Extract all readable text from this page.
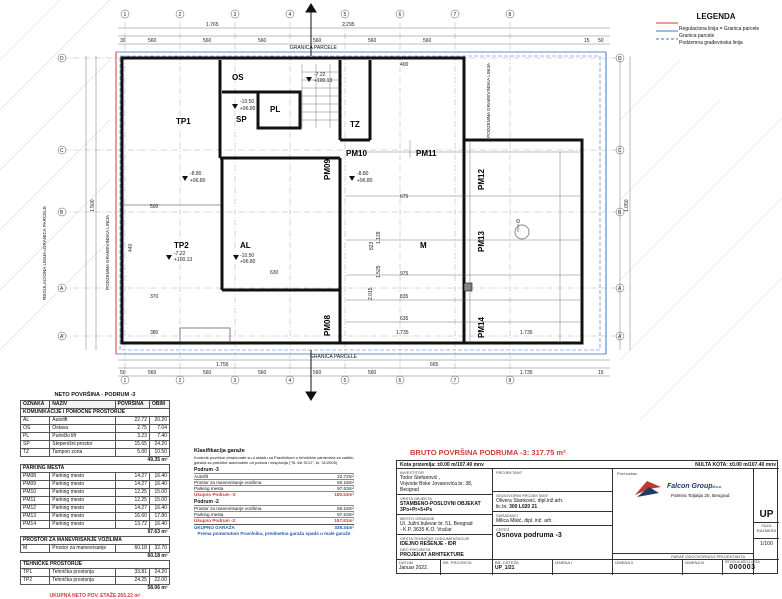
1
1
2
2
3
3
4
4
5
5
6
6
7
7
8
8
D	D
C	C
B	B
A	A
A'	A'
GRANICA PARCELE
GRANICA PARCELE
PODZEMNA GRAĐEVINSKA LINIJA
REGULACIONA LINIJA=GRANICA PARCELE
PODZEMNA GRAĐEVINSKA LINIJA
OS
PL
SP
TZ
TP1
TP2	AL	M
PM08
PM09
PM10	PM11
PM12
PM13
PM14
-8.80
+96.80
-7.22
+100.13
-10.50
+96.80
-8.80
+96.80
-7.22
+100.13
-10.50
+96.80
1.765	2.295
560	560	560	560	560	560
30	15 50
1.756	665
560	560	560	560	560	1.735
50	15
675
835
635
1.735	1.735
975
400
630
380
370
500
440	823
1.128
1.500	1.050
1.525
2.015
LEGENDA
Regulaciona linija = Granica parcele
Granica parcele
Podzemna građevinska linija
NETO POVRŠINA - PODRUM -3
OZNAKA	NAZIV	POVRŠINA	OBIM
KOMUNIKACIJE I POMOĆNE PROSTORIJE			
AL	Autolift	22.72	20.20
OS	Ostava	2.75	7.04
PL	Putnički lift	3.23	7.40
SP	Stepenišni prostor	15.65	24.20
TZ	Tampon zona	5.00	10.50
		49.35 m²	
PARKING MESTA			
PM08	Parking mesto	14.27	16.40
PM09	Parking mesto	14.27	16.40
PM10	Parking mesto	12.25	15.00
PM11	Parking mesto	12.25	15.00
PM12	Parking mesto	14.27	16.40
PM13	Parking mesto	16.60	17.80
PM14	Parking mesto	13.72	16.40
		97.63 m²	
PROSTOR ZA MANEVRISANJE VOZILIMA			
M	Prostor za manevrisanje	60.18	32.70
		60.18 m²	
TEHNIČKE PROSTORIJE			
TP1	Tehnička prostorija	33.81	24.20
TP2	Tehnička prostorija	24.25	22.00
		58.06 m²	
UKUPNA NETO POV. ETAŽE 265.22 m²
Klasifikacija garaže
Kontrole površine obračunate su u skladu sa Pravilnikom o tehničkim zahtevima za zaštitu garaža za putničke automobile od požara i eksplozija ("Sl. list SCG", br. 31/2005)
Podrum -3
Autolift	22.72m²
Prostor za manevrisanje vozilima	60.18m²
Parking mesta	97.63m²
Ukupno Podrum -3:	180.53m²
Podrum -2
Prostor za manevrisanje vozilima	60.18m²
Parking mesta	97.63m²
Ukupno Podrum -2:	157.81m²
UKUPNO GARAŽA	338.34m²
Prema pomenutom Pravilniku, predmetna garaža spada u male garaže
BRUTO POVRŠINA PODRUMA -3: 317.75 m²
Kota prizemlja: ±0.00 m/107.40 mnv	NULTA KOTA: ±0.00 m/107.40 mnv
INVESTITOR
Todor Stefanović ,
Vojvode Boke Jovanovića br. 38, Beograd
VRSTA OBJEKTA
STAMBENO-POSLOVNI OBJEKAT
3Po+Pr+5+Ps
MESTO GRADNJE
Ul. Južni bulevar br. 51, Beograd
- K.P. 3635 K.O. Vračar
VRSTA TEHNIČKE DOKUMENTACIJE
IDEJNO REŠENJE - IDR
DEO PROJEKTA
PROJEKAT ARHITEKTURE
DATUM
Januar 2022.
BR. PROJEKTA
PROJEKTANT
ODGOVORNI PROJEKTANT
Olivera Stanković, dipl.inž.arh.
lic.br. 300 L020 21
SARADNICI
Milica Mikić, dipl. inž. arh.
CRTEŽ
Osnova podruma -3
BR. CRTEŽA
UP_1/21
IZMENA I
Pre/nosilac:
Falcon Groupd.o.o.
Palmira Toljatija 20, Beograd
UP
FAZA
RAZMERA
1/100
PARAF ODGOVORNOG PROJEKTANTA
IZMENA II	IZMENA III	REVIZIJA BROJ LISTA
000003
